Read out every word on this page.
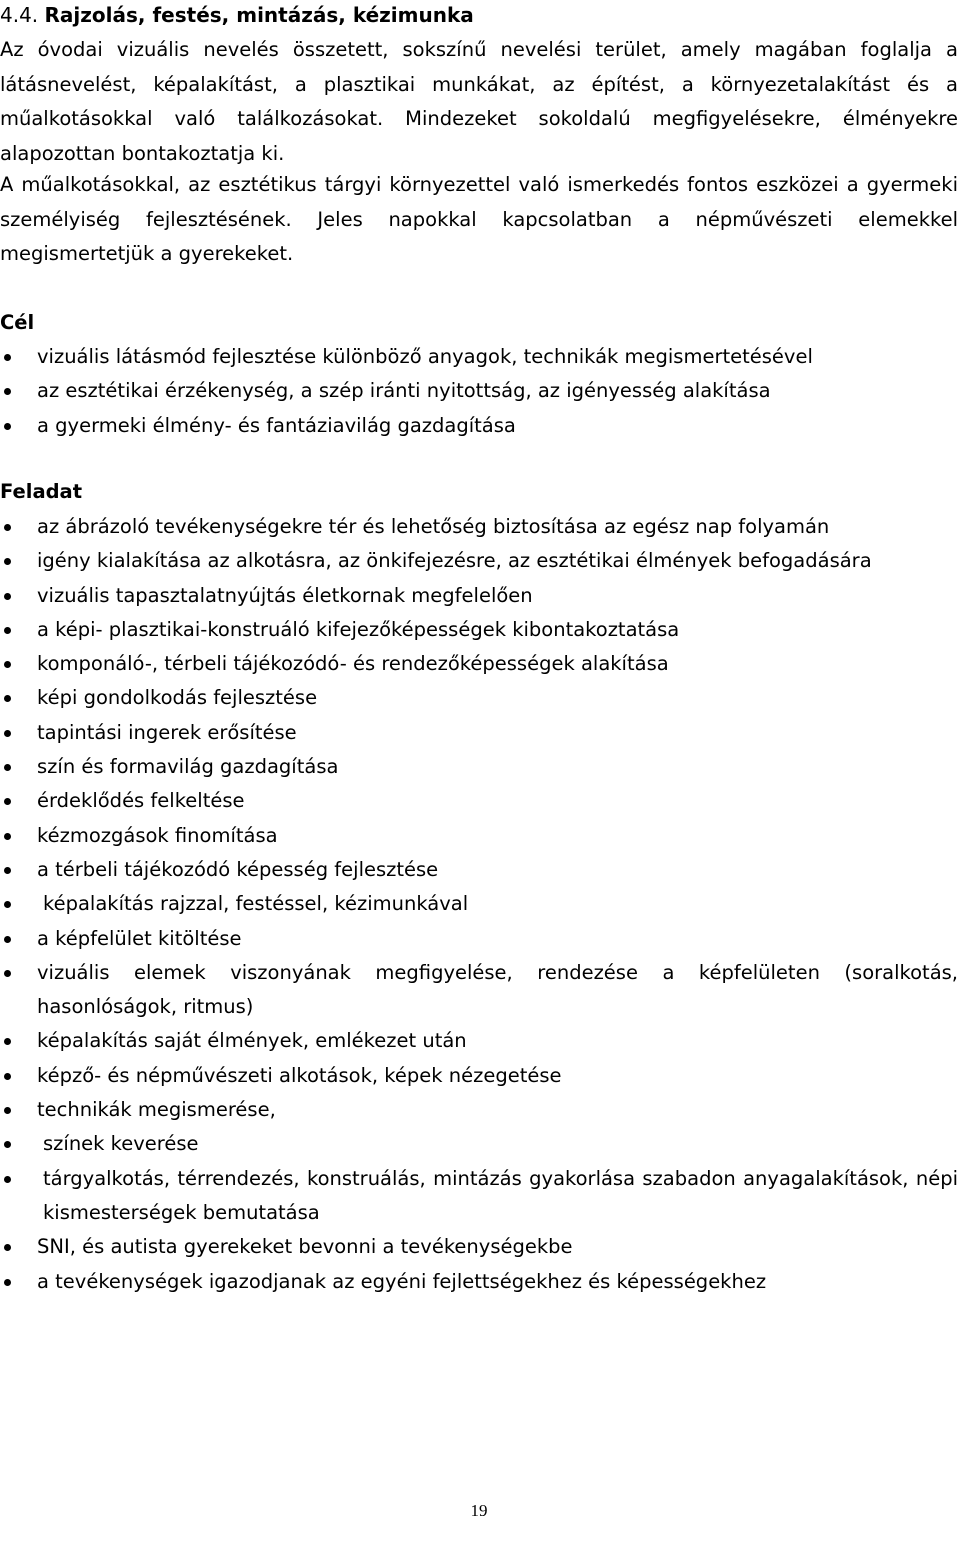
4.4. Rajzolás, festés, mintázás, kézimunka
Az óvodai vizuális nevelés összetett, sokszínű nevelési terület, amely magában foglalja a látásnevelést, képalakítást, a plasztikai munkákat, az építést, a környezetalakítást és a műalkotásokkal való találkozásokat. Mindezeket sokoldalú megfigyelésekre, élményekre alapozottan bontakoztatja ki.
A műalkotásokkal, az esztétikus tárgyi környezettel való ismerkedés fontos eszközei a gyermeki személyiség fejlesztésének. Jeles napokkal kapcsolatban a népművészeti elemekkel megismertetjük a gyerekeket.
Cél
vizuális látásmód fejlesztése különböző anyagok, technikák megismertetésével
az esztétikai érzékenység, a szép iránti nyitottság, az igényesség alakítása
a gyermeki élmény- és fantáziavilág gazdagítása
Feladat
az ábrázoló tevékenységekre tér és lehetőség biztosítása az egész nap folyamán
igény kialakítása az alkotásra, az önkifejezésre, az esztétikai élmények befogadására
vizuális tapasztalatnyújtás életkornak megfelelően
a képi- plasztikai-konstruáló kifejezőképességek kibontakoztatása
komponáló-, térbeli tájékozódó- és rendezőképességek alakítása
képi gondolkodás fejlesztése
tapintási ingerek erősítése
szín és formavilág gazdagítása
érdeklődés felkeltése
kézmozgások finomítása
a térbeli tájékozódó képesség fejlesztése
képalakítás rajzzal, festéssel, kézimunkával
a képfelület kitöltése
vizuális elemek viszonyának megfigyelése, rendezése a képfelületen (soralkotás, hasonlóságok, ritmus)
képalakítás saját élmények, emlékezet után
képző- és népművészeti alkotások, képek nézegetése
technikák megismerése,
színek keverése
tárgyalkotás, térrendezés, konstruálás, mintázás gyakorlása szabadon anyagalakítások, népi kismesterségek bemutatása
SNI, és autista gyerekeket bevonni a tevékenységekbe
a tevékenységek igazodjanak az egyéni fejlettségekhez és képességekhez
19
